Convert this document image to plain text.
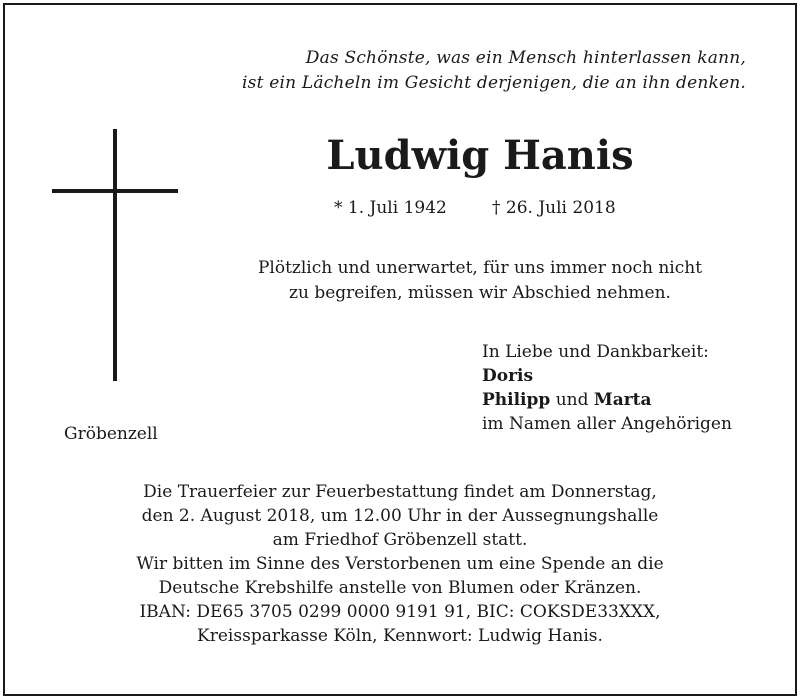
Das Schönste, was ein Mensch hinterlassen kann,
ist ein Lächeln im Gesicht derjenigen, die an ihn denken.
Ludwig Hanis
* 1. Juli 1942	† 26. Juli 2018
Plötzlich und unerwartet, für uns immer noch nicht
zu begreifen, müssen wir Abschied nehmen.
In Liebe und Dankbarkeit:
Doris
Philipp und Marta
im Namen aller Angehörigen
Gröbenzell
Die Trauerfeier zur Feuerbestattung findet am Donnerstag,
den 2. August 2018, um 12.00 Uhr in der Aussegnungshalle
am Friedhof Gröbenzell statt.
Wir bitten im Sinne des Verstorbenen um eine Spende an die
Deutsche Krebshilfe anstelle von Blumen oder Kränzen.
IBAN: DE65 3705 0299 0000 9191 91, BIC: COKSDE33XXX,
Kreissparkasse Köln, Kennwort: Ludwig Hanis.
